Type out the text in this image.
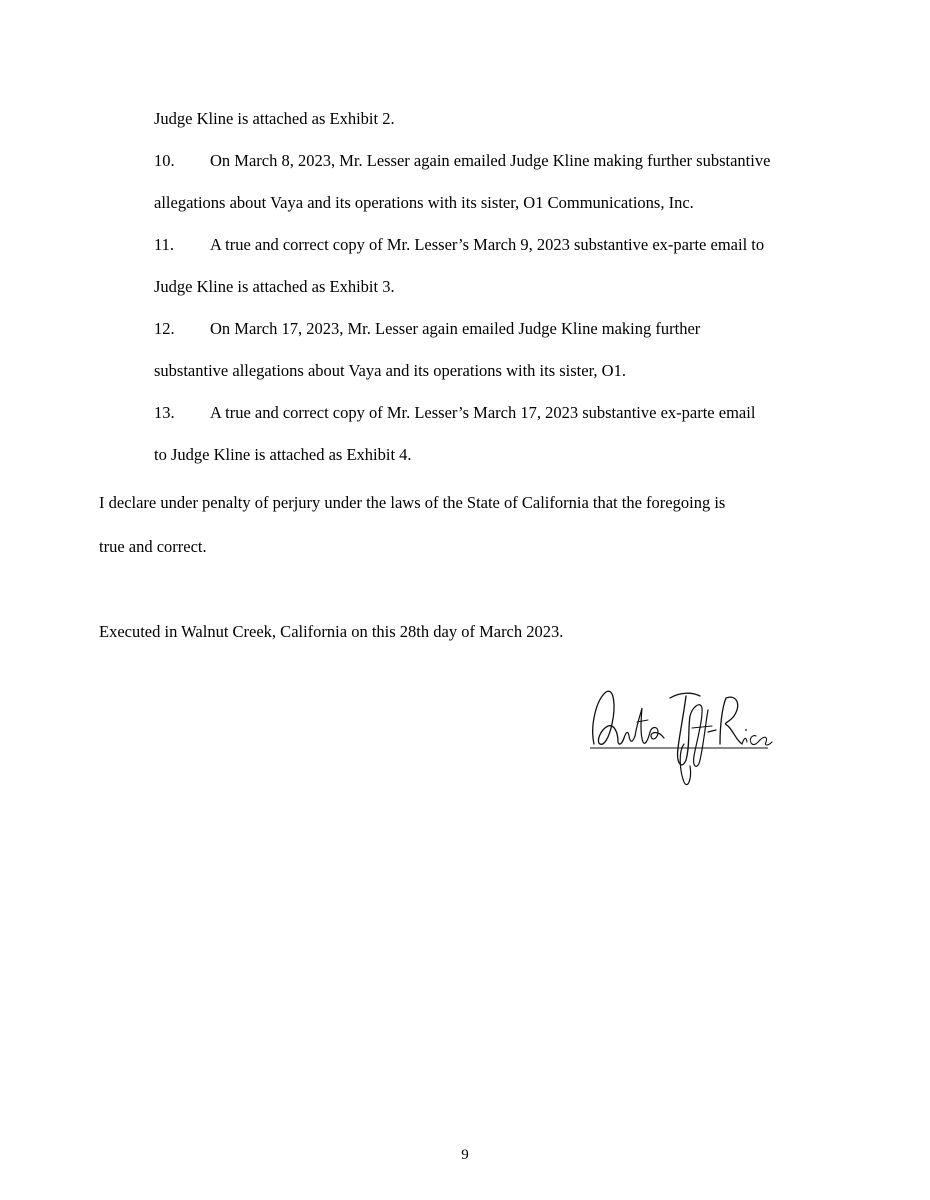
Judge Kline is attached as Exhibit 2.
10. On March 8, 2023, Mr. Lesser again emailed Judge Kline making further substantive
allegations about Vaya and its operations with its sister, O1 Communications, Inc.
11. A true and correct copy of Mr. Lesser’s March 9, 2023 substantive ex-parte email to
Judge Kline is attached as Exhibit 3.
12. On March 17, 2023, Mr. Lesser again emailed Judge Kline making further
substantive allegations about Vaya and its operations with its sister, O1.
13. A true and correct copy of Mr. Lesser’s March 17, 2023 substantive ex-parte email
to Judge Kline is attached as Exhibit 4.
I declare under penalty of perjury under the laws of the State of California that the foregoing is
true and correct.
Executed in Walnut Creek, California on this 28th day of March 2023.
9
